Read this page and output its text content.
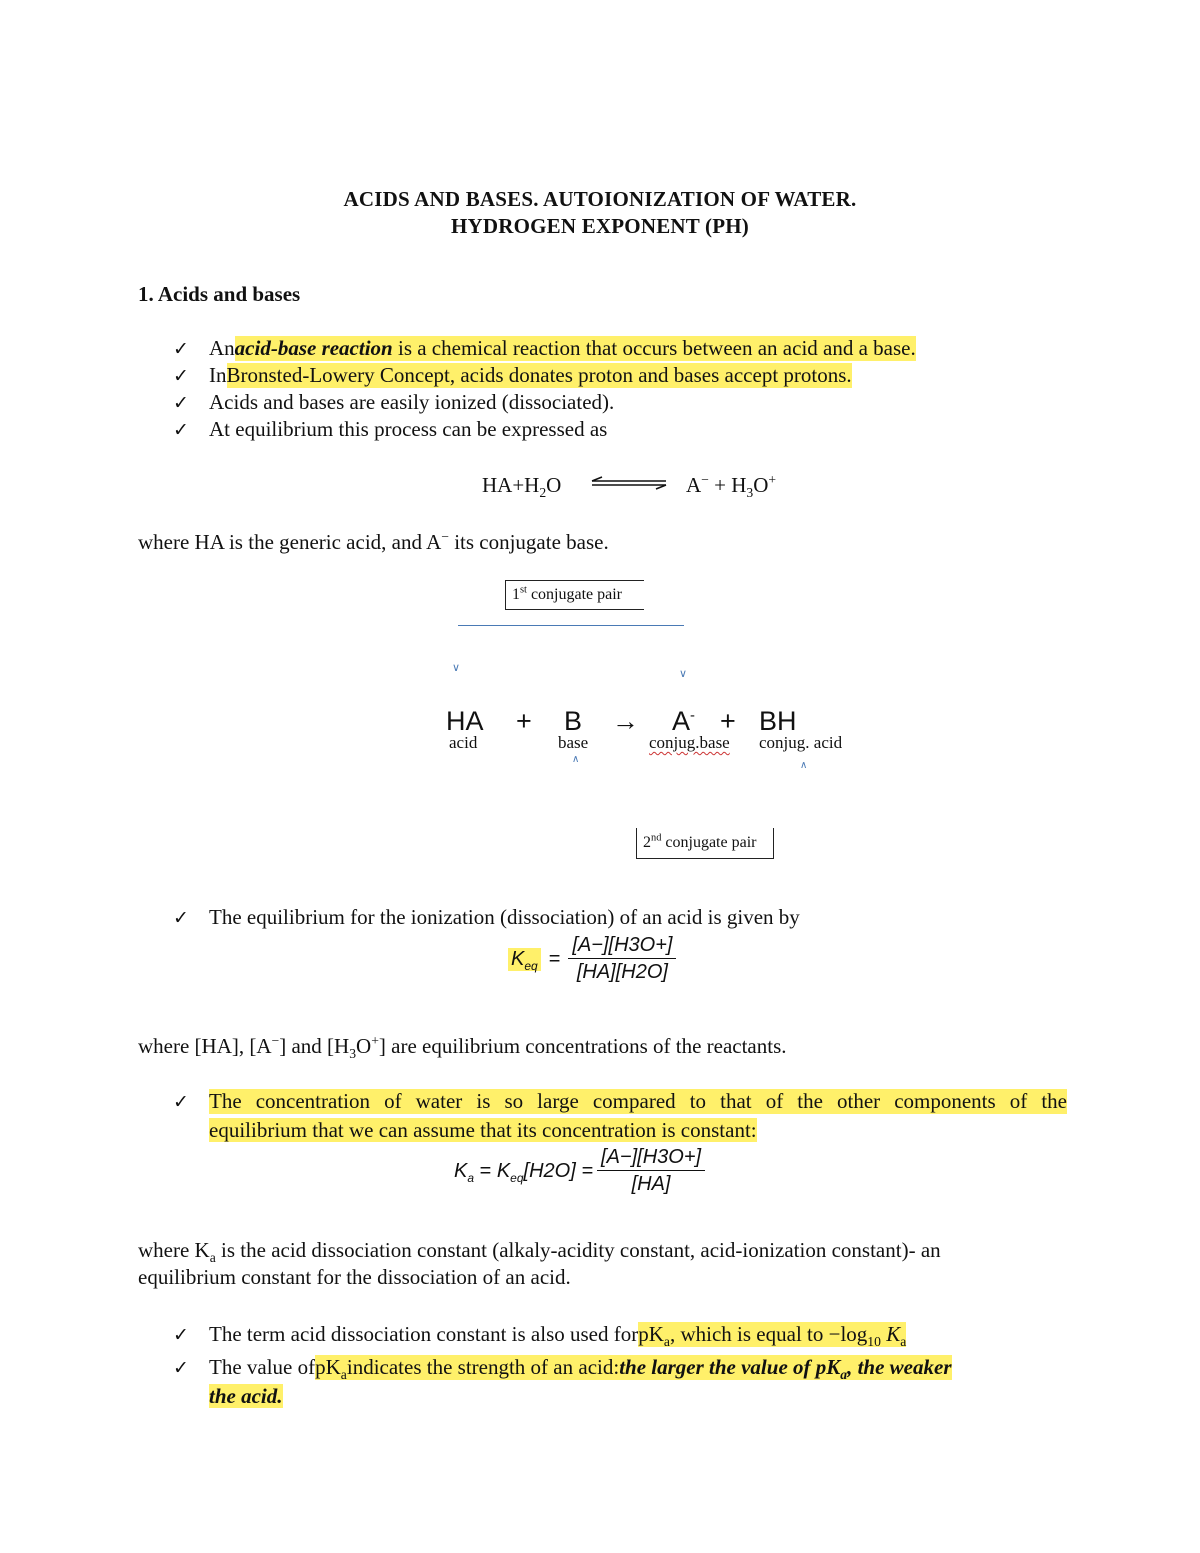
ACIDS AND BASES. AUTOIONIZATION OF WATER.
HYDROGEN EXPONENT (PH)
1. Acids and bases
✓ An acid-base reaction is a chemical reaction that occurs between an acid and a base.
✓ In Bronsted-Lowery Concept, acids donates proton and bases accept protons.
✓ Acids and bases are easily ionized (dissociated).
✓ At equilibrium this process can be expressed as
$HA+H_2O$	$A^- + H_3O^+$
where HA is the generic acid, and A− its conjugate base.
1st conjugate pair
∨	∨
HA + B → A- + BH
acid	base	conjug.base conjug. acid
∧
∧
2nd conjugate pair
✓ The equilibrium for the ionization (dissociation) of an acid is given by
$K_{eq} = \frac{[A-][H3O+]}{[HA][H2O]}$
where [HA], [A−] and $[H_3O^+]$ are equilibrium concentrations of the reactants.
✓ The concentration of water is so large compared to that of the other components of the
equilibrium that we can assume that its concentration is constant:
$K_a = K_{eq}$ $[H2O] = \frac{[A-][H3O+]}{[HA]}$
where $K_a$ is the acid dissociation constant (alkaly-acidity constant, acid-ionization constant)- an
equilibrium constant for the dissociation of an acid.
✓ The term acid dissociation constant is also used for $pK_a$, which is equal to $-\log_{10}$ $K_a$
✓ The value of $pK_a$ indicates the strength of an acid: the larger the value of $pK_a$, the weaker
the acid.
